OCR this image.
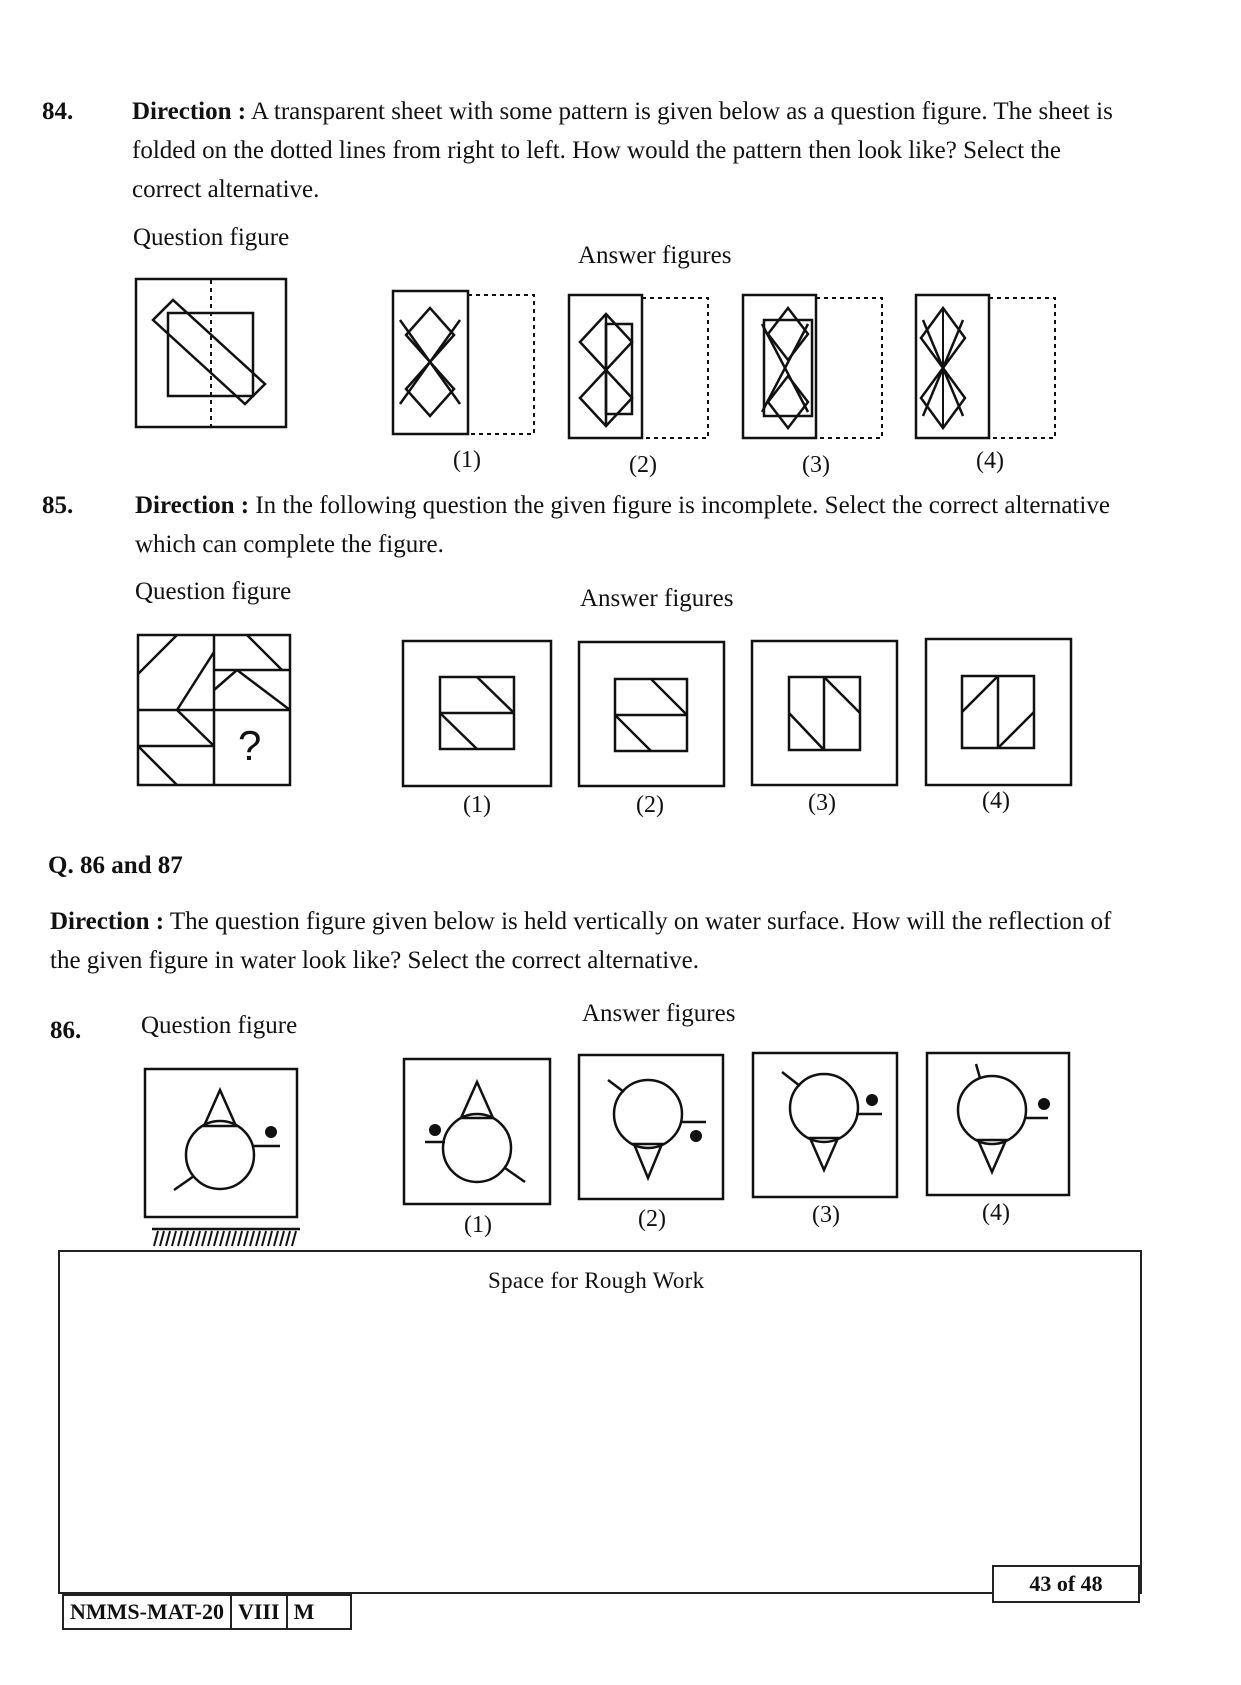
84. Direction : A transparent sheet with some pattern is given below as a question figure. The sheet is folded on the dotted lines from right to left. How would the pattern then look like? Select the correct alternative.
Question figure
Answer figures
(1)	(2)	(3)	(4)
85. Direction : In the following question the given figure is incomplete. Select the correct alternative which can complete the figure.
Question figure	Answer figures
?
(1)	(2)	(3)	(4)
Q. 86 and 87
Direction : The question figure given below is held vertically on water surface. How will the reflection of the given figure in water look like? Select the correct alternative.
86. Question figure	Answer figures
(1)	(2)	(3)	(4)
Space for Rough Work
43 of 48
NMMS-MAT-20 VIII M
